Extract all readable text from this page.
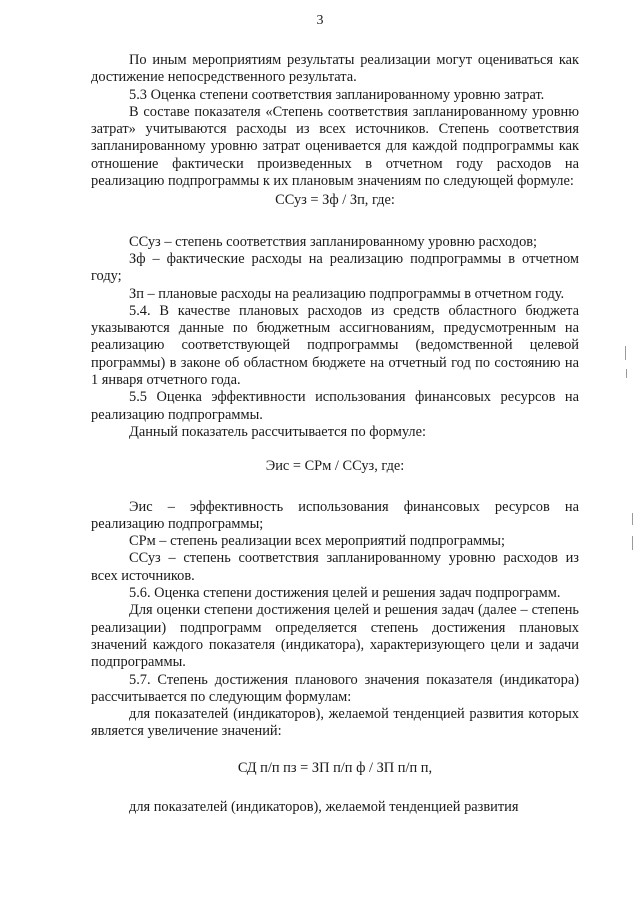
3

По иным мероприятиям результаты реализации могут оцениваться как достижение непосредственного результата.

5.3 Оценка степени соответствия запланированному уровню затрат.

В составе показателя «Степень соответствия запланированному уровню затрат» учитываются расходы из всех источников. Степень соответствия запланированному уровню затрат оценивается для каждой подпрограммы как отношение фактически произведенных в отчетном году расходов на реализацию подпрограммы к их плановым значениям по следующей формуле:

ССуз = Зф / Зп, где:

ССуз – степень соответствия запланированному уровню расходов;

Зф – фактические расходы на реализацию подпрограммы в отчетном году;

Зп – плановые расходы на реализацию подпрограммы в отчетном году.

5.4. В качестве плановых расходов из средств областного бюджета указываются данные по бюджетным ассигнованиям, предусмотренным на реализацию соответствующей подпрограммы (ведомственной целевой программы) в законе об областном бюджете на отчетный год по состоянию на 1 января отчетного года.

5.5 Оценка эффективности использования финансовых ресурсов на реализацию подпрограммы.

Данный показатель рассчитывается по формуле:

Эис = СРм / ССуз, где:

Эис – эффективность использования финансовых ресурсов на реализацию подпрограммы;

СРм – степень реализации всех мероприятий подпрограммы;

ССуз – степень соответствия запланированному уровню расходов из всех источников.

5.6. Оценка степени достижения целей и решения задач подпрограмм.

Для оценки степени достижения целей и решения задач (далее – степень реализации) подпрограмм определяется степень достижения плановых значений каждого показателя (индикатора), характеризующего цели и задачи подпрограммы.

5.7. Степень достижения планового значения показателя (индикатора) рассчитывается по следующим формулам:

для показателей (индикаторов), желаемой тенденцией развития которых является увеличение значений:

СД п/п пз = ЗП п/п ф / ЗП п/п п,

для показателей (индикаторов), желаемой тенденцией развития
